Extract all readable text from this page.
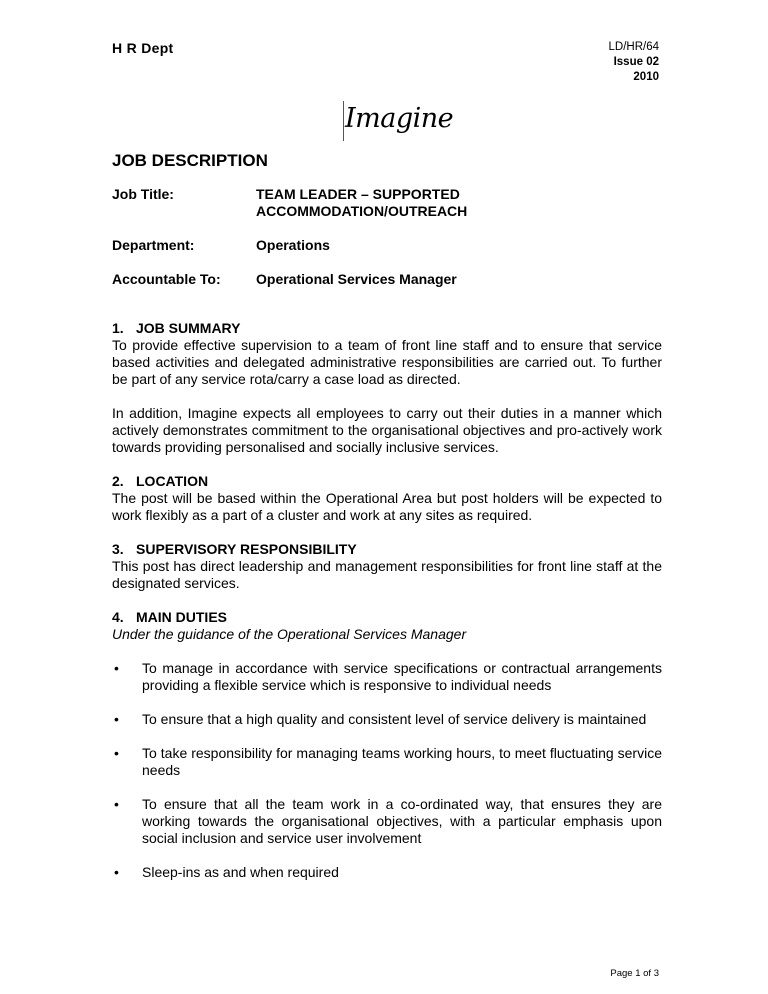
H R Dept	LD/HR/64
Issue 02
2010
Imagine
JOB DESCRIPTION
Job Title:	TEAM LEADER – SUPPORTED ACCOMMODATION/OUTREACH
Department:	Operations
Accountable To:	Operational Services Manager
1. JOB SUMMARY

To provide effective supervision to a team of front line staff and to ensure that service based activities and delegated administrative responsibilities are carried out. To further be part of any service rota/carry a case load as directed.

In addition, Imagine expects all employees to carry out their duties in a manner which actively demonstrates commitment to the organisational objectives and pro-actively work towards providing personalised and socially inclusive services.

2. LOCATION

The post will be based within the Operational Area but post holders will be expected to work flexibly as a part of a cluster and work at any sites as required.

3. SUPERVISORY RESPONSIBILITY

This post has direct leadership and management responsibilities for front line staff at the designated services.

4. MAIN DUTIES

Under the guidance of the Operational Services Manager

• To manage in accordance with service specifications or contractual arrangements providing a flexible service which is responsive to individual needs
• To ensure that a high quality and consistent level of service delivery is maintained
• To take responsibility for managing teams working hours, to meet fluctuating service needs
• To ensure that all the team work in a co-ordinated way, that ensures they are working towards the organisational objectives, with a particular emphasis upon social inclusion and service user involvement
• Sleep-ins as and when required
Page 1 of 3
